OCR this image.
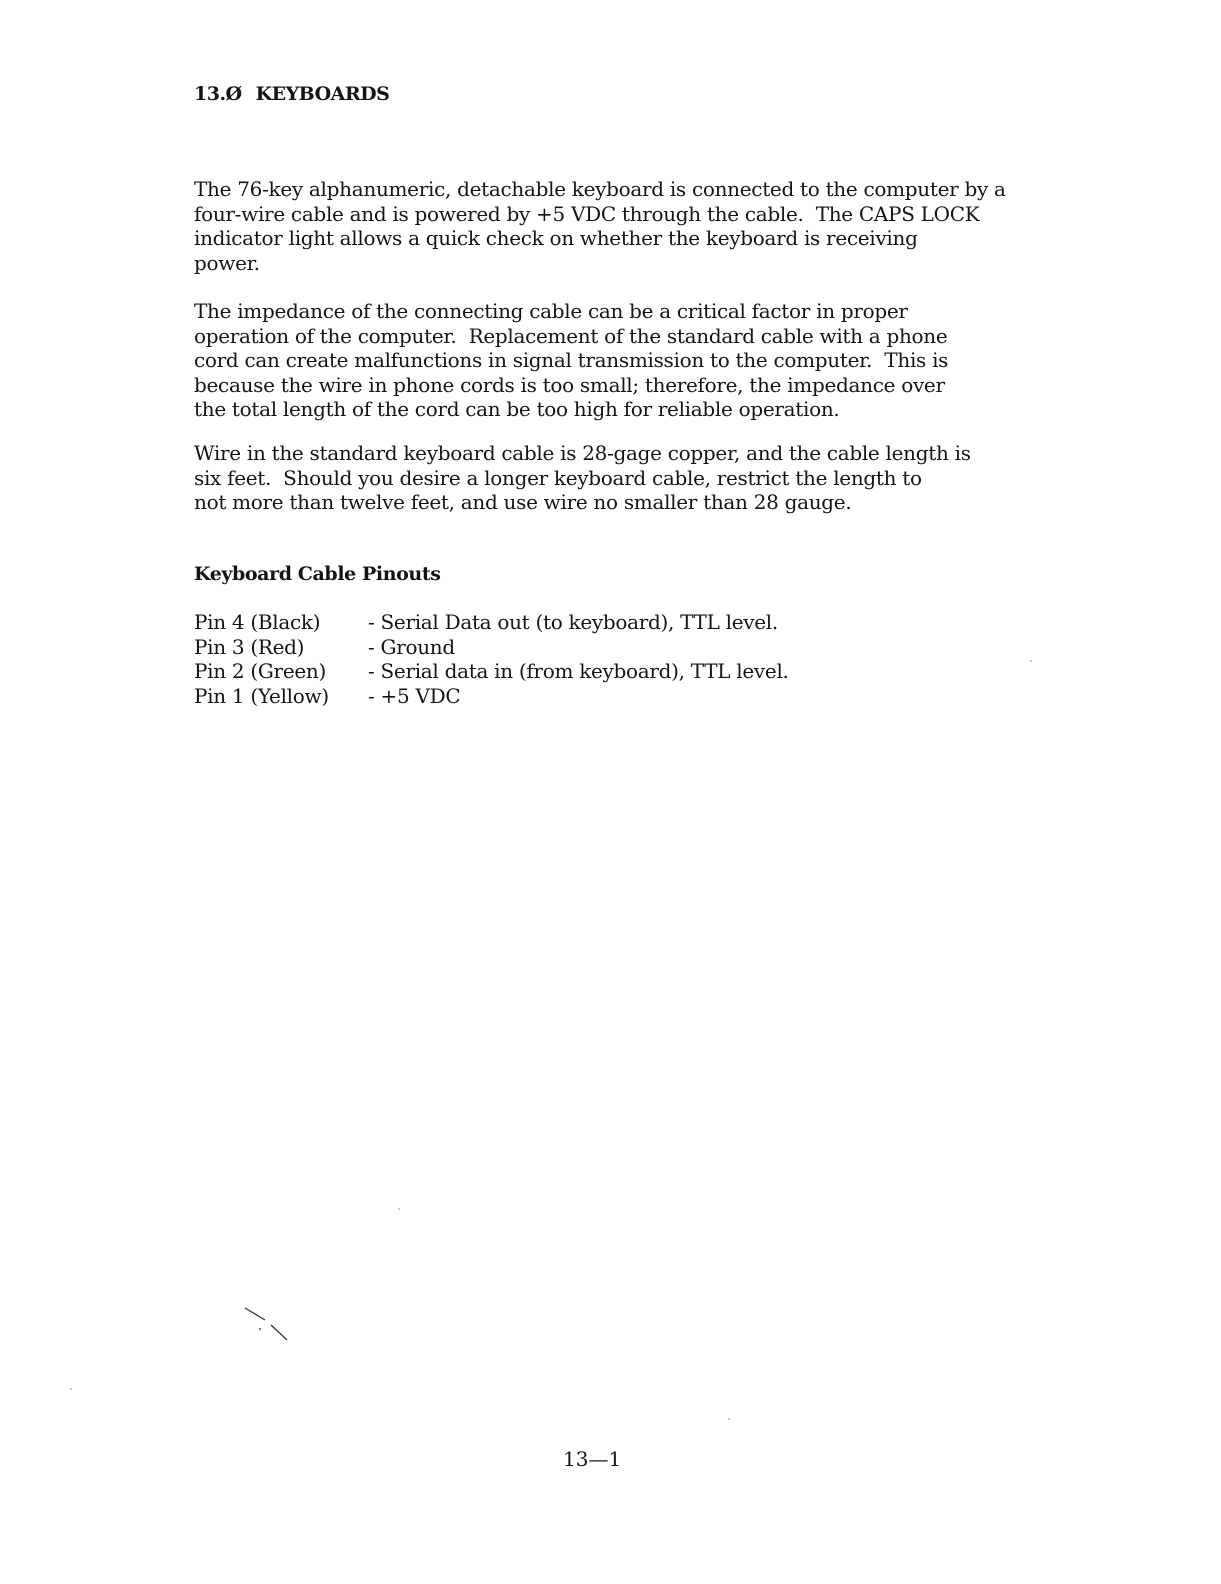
13.Ø KEYBOARDS
The 76-key alphanumeric, detachable keyboard is connected to the computer by a
four-wire cable and is powered by +5 VDC through the cable.  The CAPS LOCK
indicator light allows a quick check on whether the keyboard is receiving
power.
The impedance of the connecting cable can be a critical factor in proper
operation of the computer.  Replacement of the standard cable with a phone
cord can create malfunctions in signal transmission to the computer.  This is
because the wire in phone cords is too small; therefore, the impedance over
the total length of the cord can be too high for reliable operation.
Wire in the standard keyboard cable is 28-gage copper, and the cable length is
six feet.  Should you desire a longer keyboard cable, restrict the length to
not more than twelve feet, and use wire no smaller than 28 gauge.
Keyboard Cable Pinouts
Pin 4 (Black)	- Serial Data out (to keyboard), TTL level.
Pin 3 (Red)	- Ground
Pin 2 (Green)	- Serial data in (from keyboard), TTL level.
Pin 1 (Yellow)	- +5 VDC
13—1
